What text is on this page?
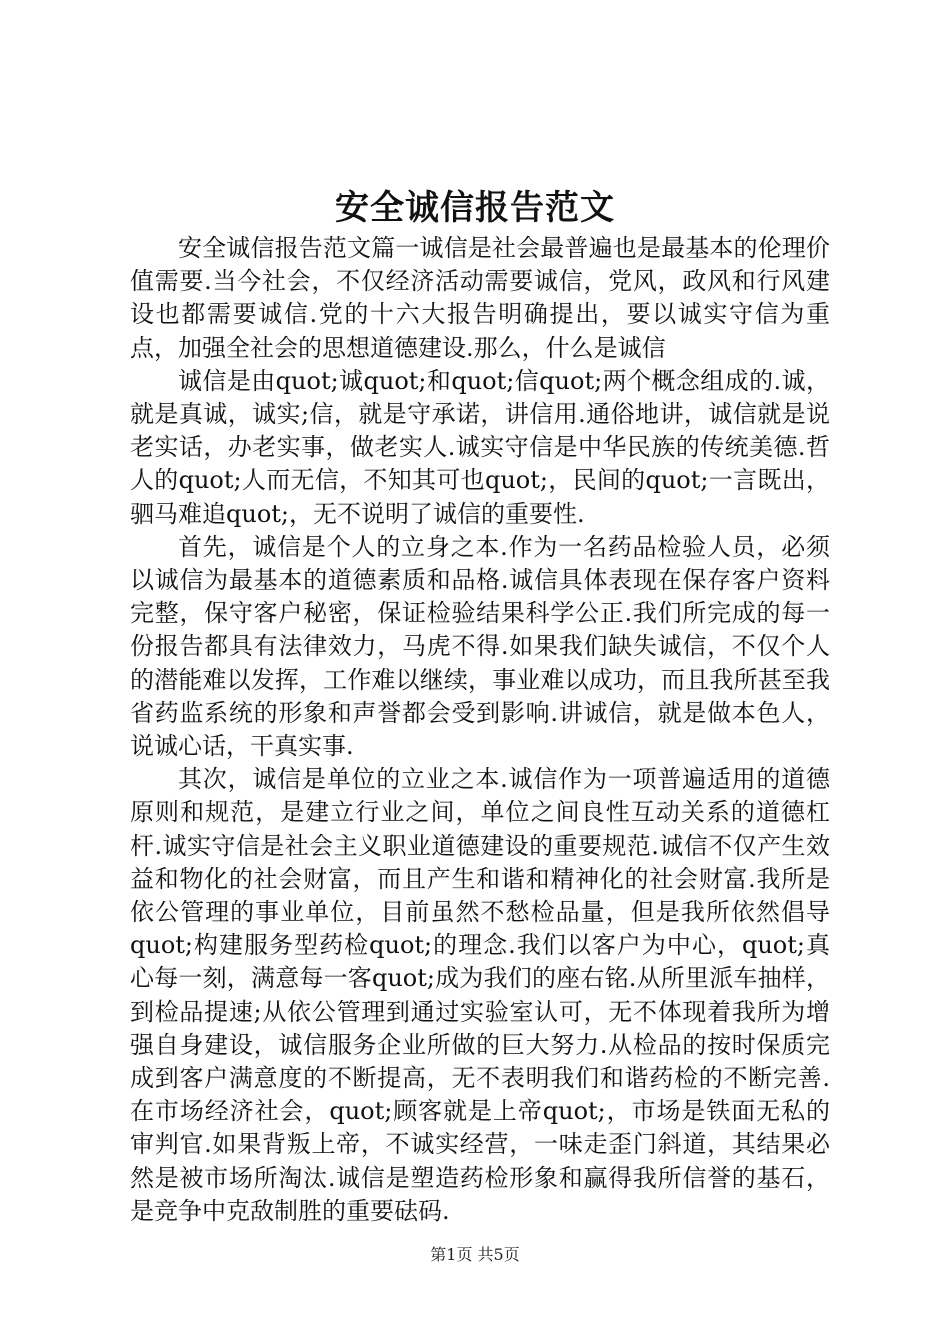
安全诚信报告范文

安全诚信报告范文篇一诚信是社会最普遍也是最基本的伦理价值需要.当今社会，不仅经济活动需要诚信，党风，政风和行风建设也都需要诚信.党的十六大报告明确提出，要以诚实守信为重点，加强全社会的思想道德建设.那么，什么是诚信

诚信是由quot;诚quot;和quot;信quot;两个概念组成的.诚，就是真诚，诚实;信，就是守承诺，讲信用.通俗地讲，诚信就是说老实话，办老实事，做老实人.诚实守信是中华民族的传统美德.哲人的quot;人而无信，不知其可也quot;，民间的quot;一言既出，驷马难追quot;，无不说明了诚信的重要性.

首先，诚信是个人的立身之本.作为一名药品检验人员，必须以诚信为最基本的道德素质和品格.诚信具体表现在保存客户资料完整，保守客户秘密，保证检验结果科学公正.我们所完成的每一份报告都具有法律效力，马虎不得.如果我们缺失诚信，不仅个人的潜能难以发挥，工作难以继续，事业难以成功，而且我所甚至我省药监系统的形象和声誉都会受到影响.讲诚信，就是做本色人，说诚心话，干真实事.

其次，诚信是单位的立业之本.诚信作为一项普遍适用的道德原则和规范，是建立行业之间，单位之间良性互动关系的道德杠杆.诚实守信是社会主义职业道德建设的重要规范.诚信不仅产生效益和物化的社会财富，而且产生和谐和精神化的社会财富.我所是依公管理的事业单位，目前虽然不愁检品量，但是我所依然倡导quot;构建服务型药检quot;的理念.我们以客户为中心，quot;真心每一刻，满意每一客quot;成为我们的座右铭.从所里派车抽样，到检品提速;从依公管理到通过实验室认可，无不体现着我所为增强自身建设，诚信服务企业所做的巨大努力.从检品的按时保质完成到客户满意度的不断提高，无不表明我们和谐药检的不断完善.在市场经济社会，quot;顾客就是上帝quot;，市场是铁面无私的审判官.如果背叛上帝，不诚实经营，一味走歪门斜道，其结果必然是被市场所淘汰.诚信是塑造药检形象和赢得我所信誉的基石，是竞争中克敌制胜的重要砝码.

第1页 共5页
